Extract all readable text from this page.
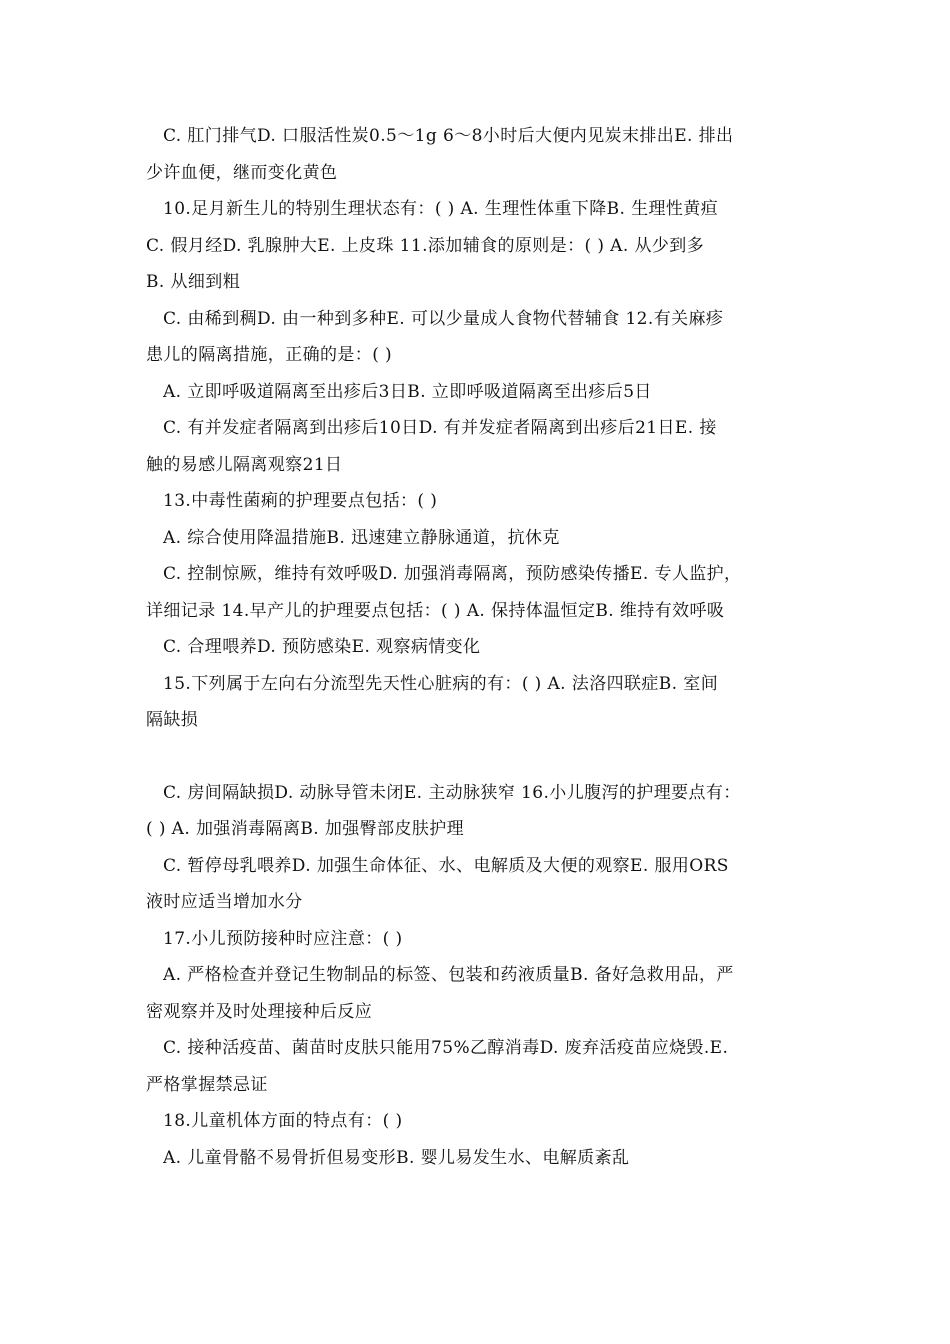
C. 肛门排气D. 口服活性炭0.5～1g 6～8小时后大便内见炭末排出E. 排出
少许血便，继而变化黄色
10.足月新生儿的特别生理状态有：( ) A. 生理性体重下降B. 生理性黄疸
C. 假月经D. 乳腺肿大E. 上皮珠 11.添加辅食的原则是：( ) A. 从少到多
B. 从细到粗
C. 由稀到稠D. 由一种到多种E. 可以少量成人食物代替辅食 12.有关麻疹
患儿的隔离措施，正确的是：( )
A. 立即呼吸道隔离至出疹后3日B. 立即呼吸道隔离至出疹后5日
C. 有并发症者隔离到出疹后10日D. 有并发症者隔离到出疹后21日E. 接
触的易感儿隔离观察21日
13.中毒性菌痢的护理要点包括：( )
A. 综合使用降温措施B. 迅速建立静脉通道，抗休克
C. 控制惊厥，维持有效呼吸D. 加强消毒隔离，预防感染传播E. 专人监护，
详细记录 14.早产儿的护理要点包括：( ) A. 保持体温恒定B. 维持有效呼吸
C. 合理喂养D. 预防感染E. 观察病情变化
15.下列属于左向右分流型先天性心脏病的有：( ) A. 法洛四联症B. 室间
隔缺损
C. 房间隔缺损D. 动脉导管未闭E. 主动脉狭窄 16.小儿腹泻的护理要点有：
( ) A. 加强消毒隔离B. 加强臀部皮肤护理
C. 暂停母乳喂养D. 加强生命体征、水、电解质及大便的观察E. 服用ORS
液时应适当增加水分
17.小儿预防接种时应注意：( )
A. 严格检查并登记生物制品的标签、包装和药液质量B. 备好急救用品，严
密观察并及时处理接种后反应
C. 接种活疫苗、菌苗时皮肤只能用75%乙醇消毒D. 废弃活疫苗应烧毁.E.
严格掌握禁忌证
18.儿童机体方面的特点有：( )
A. 儿童骨骼不易骨折但易变形B. 婴儿易发生水、电解质紊乱
